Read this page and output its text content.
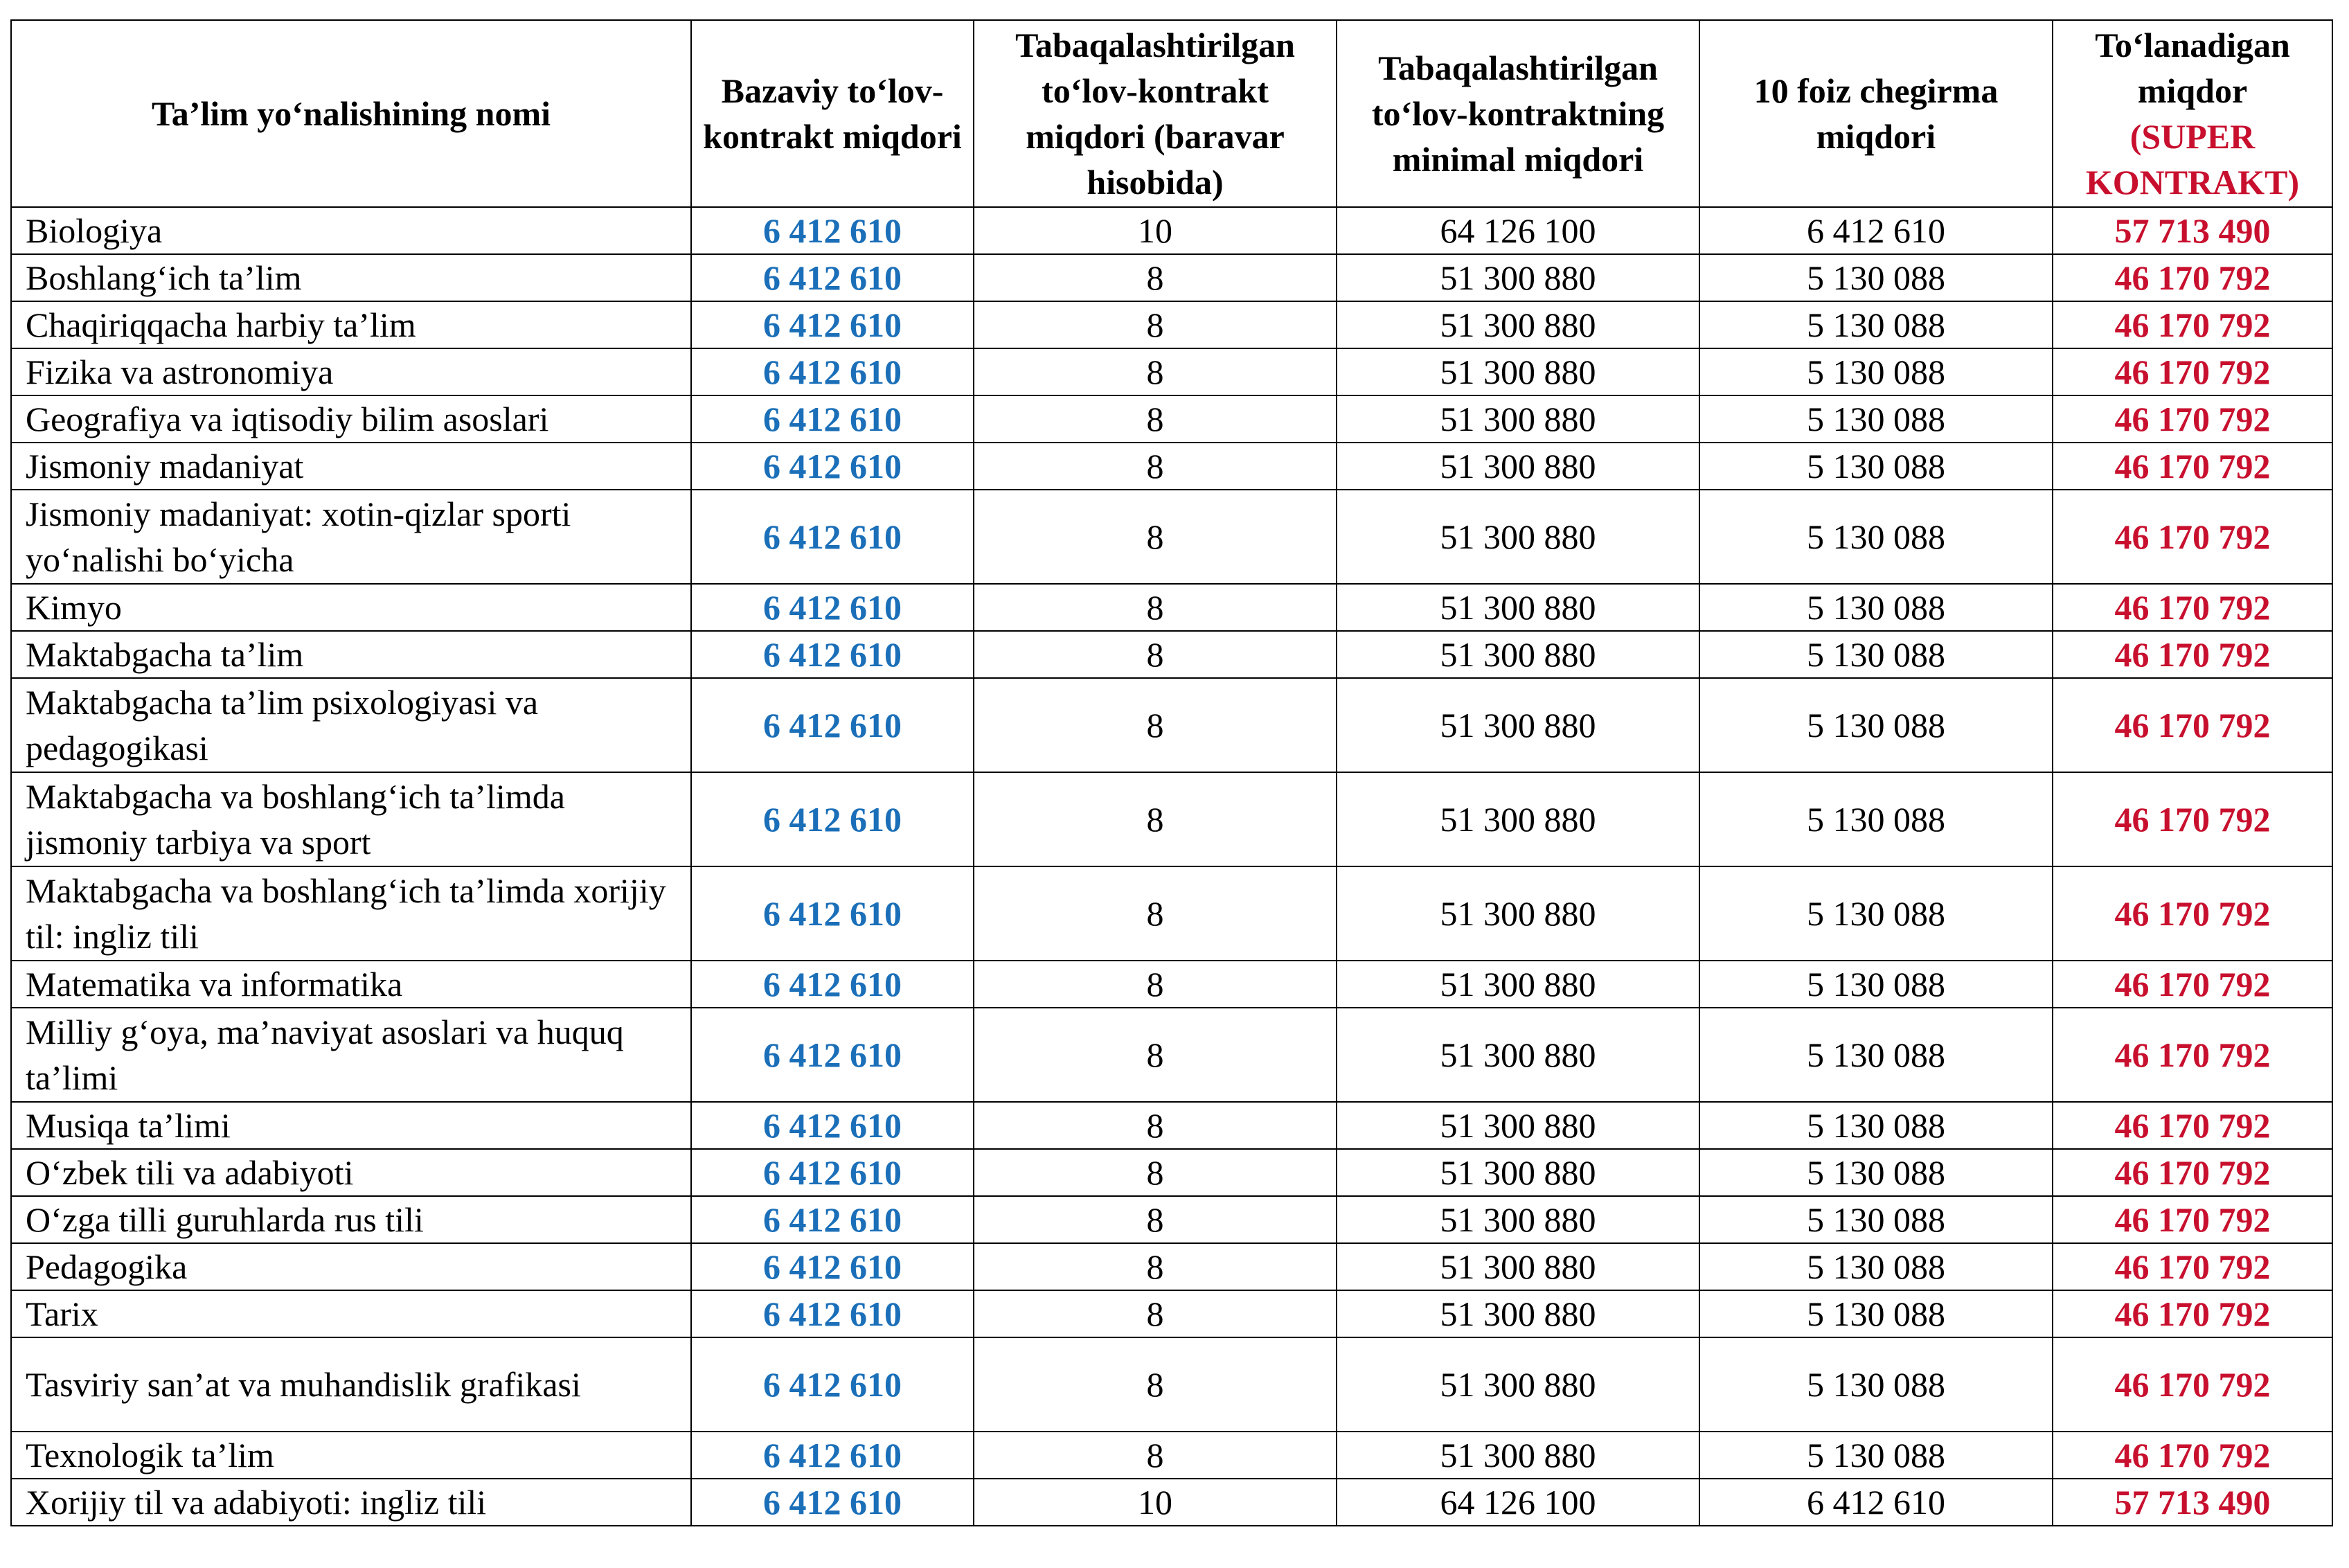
Ta’lim yo‘nalishining nomi	Bazaviy to‘lov-kontrakt miqdori	Tabaqalashtirilgan to‘lov-kontrakt miqdori (baravar hisobida)	Tabaqalashtirilgan to‘lov-kontraktning minimal miqdori	10 foiz chegirma miqdori	To‘lanadigan miqdor
(SUPER KONTRAKT)

Biologiya	6 412 610	10	64 126 100	6 412 610	57 713 490
Boshlang‘ich ta’lim	6 412 610	8	51 300 880	5 130 088	46 170 792
Chaqiriqqacha harbiy ta’lim	6 412 610	8	51 300 880	5 130 088	46 170 792
Fizika va astronomiya	6 412 610	8	51 300 880	5 130 088	46 170 792
Geografiya va iqtisodiy bilim asoslari	6 412 610	8	51 300 880	5 130 088	46 170 792
Jismoniy madaniyat	6 412 610	8	51 300 880	5 130 088	46 170 792
Jismoniy madaniyat: xotin-qizlar sporti yo‘nalishi bo‘yicha	6 412 610	8	51 300 880	5 130 088	46 170 792
Kimyo	6 412 610	8	51 300 880	5 130 088	46 170 792
Maktabgacha ta’lim	6 412 610	8	51 300 880	5 130 088	46 170 792
Maktabgacha ta’lim psixologiyasi va pedagogikasi	6 412 610	8	51 300 880	5 130 088	46 170 792
Maktabgacha va boshlang‘ich ta’limda jismoniy tarbiya va sport	6 412 610	8	51 300 880	5 130 088	46 170 792
Maktabgacha va boshlang‘ich ta’limda xorijiy til: ingliz tili	6 412 610	8	51 300 880	5 130 088	46 170 792
Matematika va informatika	6 412 610	8	51 300 880	5 130 088	46 170 792
Milliy g‘oya, ma’naviyat asoslari va huquq ta’limi	6 412 610	8	51 300 880	5 130 088	46 170 792
Musiqa ta’limi	6 412 610	8	51 300 880	5 130 088	46 170 792
O‘zbek tili va adabiyoti	6 412 610	8	51 300 880	5 130 088	46 170 792
O‘zga tilli guruhlarda rus tili	6 412 610	8	51 300 880	5 130 088	46 170 792
Pedagogika	6 412 610	8	51 300 880	5 130 088	46 170 792
Tarix	6 412 610	8	51 300 880	5 130 088	46 170 792
Tasviriy san’at va muhandislik grafikasi	6 412 610	8	51 300 880	5 130 088	46 170 792
Texnologik ta’lim	6 412 610	8	51 300 880	5 130 088	46 170 792
Xorijiy til va adabiyoti: ingliz tili	6 412 610	10	64 126 100	6 412 610	57 713 490
